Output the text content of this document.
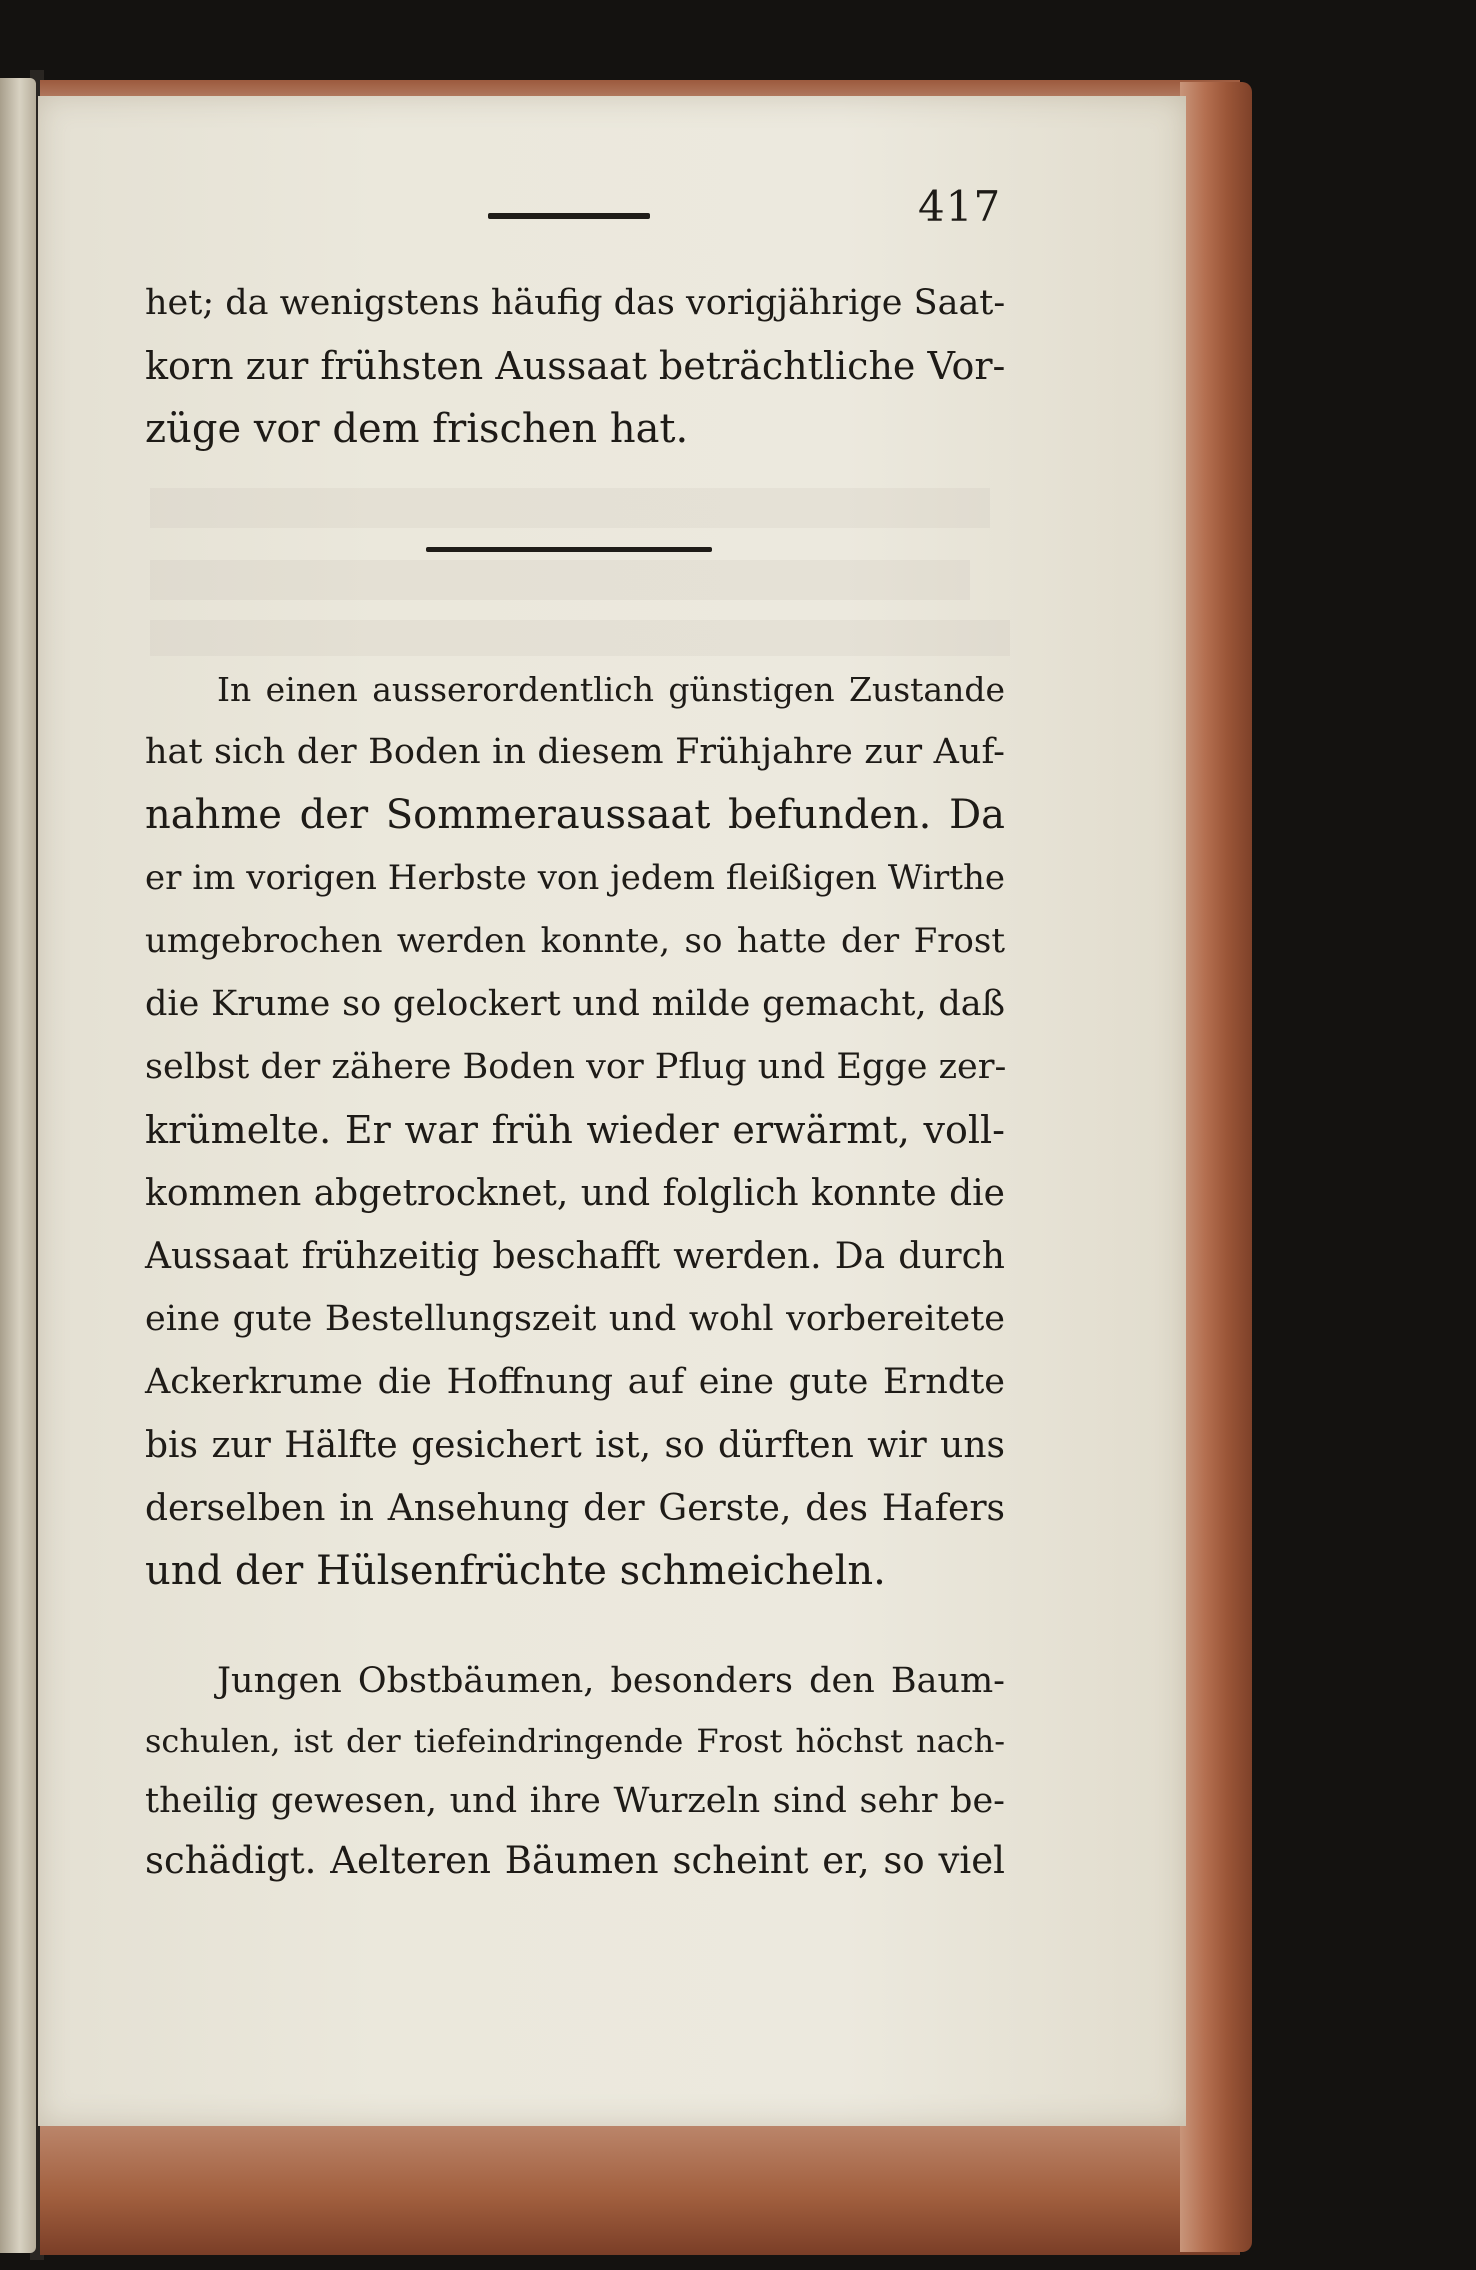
417

het; da wenigstens häufig das vorigjährige Saat-
korn zur frühsten Aussaat beträchtliche Vor-
züge vor dem frischen hat.
In einen ausserordentlich günstigen Zustande
hat sich der Boden in diesem Frühjahre zur Auf-
nahme der Sommeraussaat befunden. Da
er im vorigen Herbste von jedem fleißigen Wirthe
umgebrochen werden konnte, so hatte der Frost
die Krume so gelockert und milde gemacht, daß
selbst der zähere Boden vor Pflug und Egge zer-
krümelte. Er war früh wieder erwärmt, voll-
kommen abgetrocknet, und folglich konnte die
Aussaat frühzeitig beschafft werden. Da durch
eine gute Bestellungszeit und wohl vorbereitete
Ackerkrume die Hoffnung auf eine gute Erndte
bis zur Hälfte gesichert ist, so dürften wir uns
derselben in Ansehung der Gerste, des Hafers
und der Hülsenfrüchte schmeicheln.
Jungen Obstbäumen, besonders den Baum-
schulen, ist der tiefeindringende Frost höchst nach-
theilig gewesen, und ihre Wurzeln sind sehr be-
schädigt. Aelteren Bäumen scheint er, so viel
